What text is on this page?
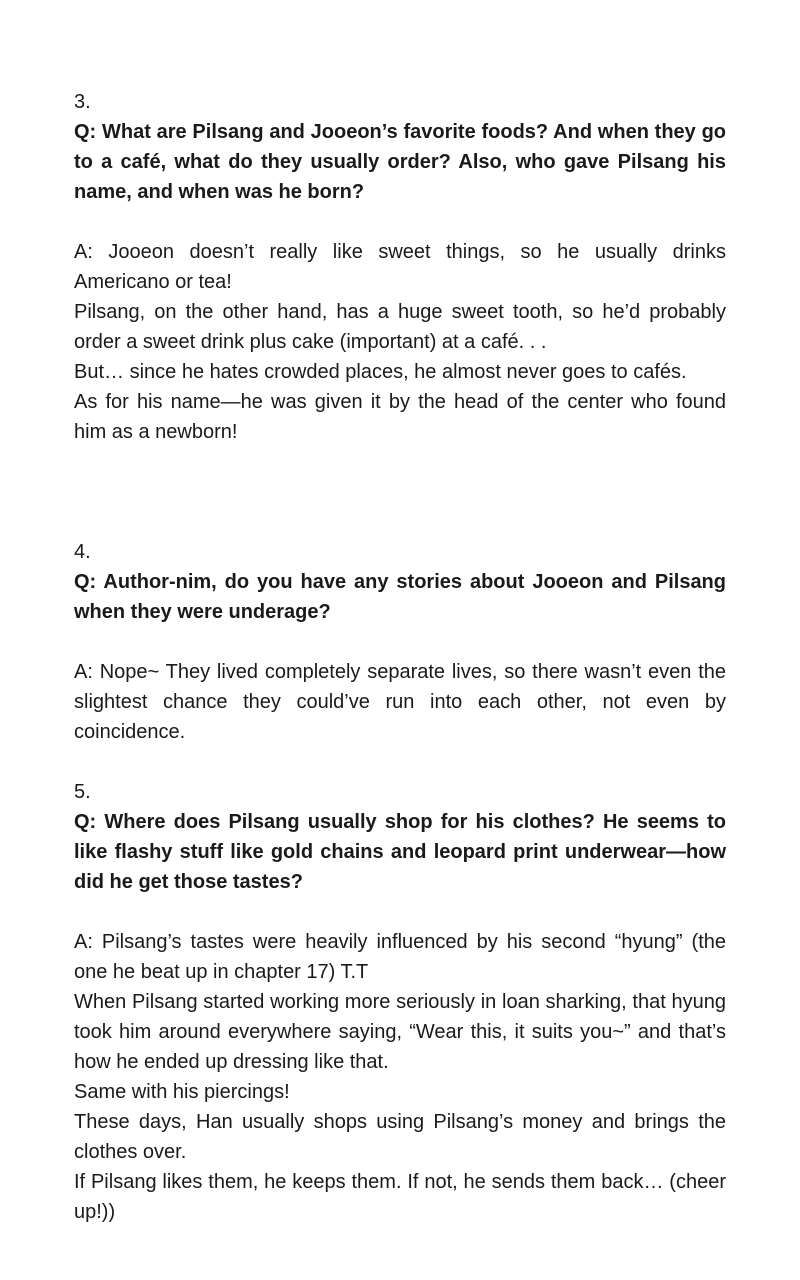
3.
Q: What are Pilsang and Jooeon’s favorite foods? And when they go to a café, what do they usually order? Also, who gave Pilsang his name, and when was he born?

A: Jooeon doesn’t really like sweet things, so he usually drinks Americano or tea!

Pilsang, on the other hand, has a huge sweet tooth, so he’d probably order a sweet drink plus cake (important) at a café. . .

But… since he hates crowded places, he almost never goes to cafés.

As for his name—he was given it by the head of the center who found him as a newborn!

4.
Q: Author-nim, do you have any stories about Jooeon and Pilsang when they were underage?

A: Nope~ They lived completely separate lives, so there wasn’t even the slightest chance they could’ve run into each other, not even by coincidence.

5.
Q: Where does Pilsang usually shop for his clothes? He seems to like flashy stuff like gold chains and leopard print underwear—how did he get those tastes?

A: Pilsang’s tastes were heavily influenced by his second “hyung” (the one he beat up in chapter 17) T.T

When Pilsang started working more seriously in loan sharking, that hyung took him around everywhere saying, “Wear this, it suits you~” and that’s how he ended up dressing like that.

Same with his piercings!

These days, Han usually shops using Pilsang’s money and brings the clothes over.

If Pilsang likes them, he keeps them. If not, he sends them back… (cheer up!))
